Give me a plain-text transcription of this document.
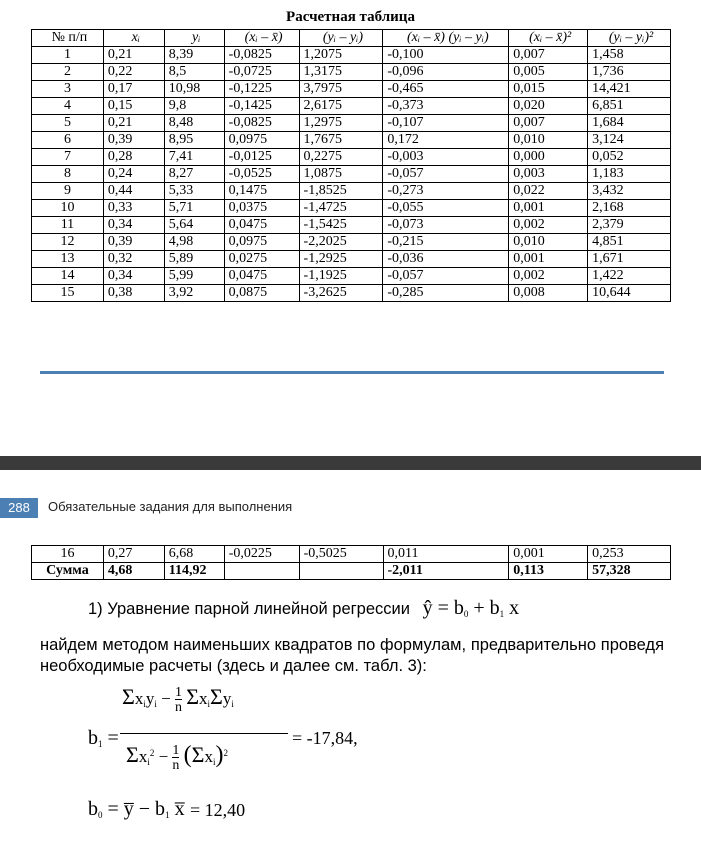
Расчетная таблица
№ п/п	xᵢ	yᵢ	(xᵢ – x̄)	(yᵢ – yᵢ)	(xᵢ – x̄) (yᵢ – yᵢ)	(xᵢ – x̄)²	(yᵢ – yᵢ)²
1	0,21	8,39	-0,0825	1,2075	-0,100	0,007	1,458
2	0,22	8,5	-0,0725	1,3175	-0,096	0,005	1,736
3	0,17	10,98	-0,1225	3,7975	-0,465	0,015	14,421
4	0,15	9,8	-0,1425	2,6175	-0,373	0,020	6,851
5	0,21	8,48	-0,0825	1,2975	-0,107	0,007	1,684
6	0,39	8,95	0,0975	1,7675	0,172	0,010	3,124
7	0,28	7,41	-0,0125	0,2275	-0,003	0,000	0,052
8	0,24	8,27	-0,0525	1,0875	-0,057	0,003	1,183
9	0,44	5,33	0,1475	-1,8525	-0,273	0,022	3,432
10	0,33	5,71	0,0375	-1,4725	-0,055	0,001	2,168
11	0,34	5,64	0,0475	-1,5425	-0,073	0,002	2,379
12	0,39	4,98	0,0975	-2,2025	-0,215	0,010	4,851
13	0,32	5,89	0,0275	-1,2925	-0,036	0,001	1,671
14	0,34	5,99	0,0475	-1,1925	-0,057	0,002	1,422
15	0,38	3,92	0,0875	-3,2625	-0,285	0,008	10,644
288	Обязательные задания для выполнения
16	0,27	6,68	-0,0225	-0,5025	0,011	0,001	0,253
Сумма	4,68	114,92			-2,011	0,113	57,328
1) Уравнение парной линейной регрессии ŷ = $b_0 + b_1$ x
найдем методом наименьших квадратов по формулам, предварительно проведя необходимые расчеты (здесь и далее см. табл. 3):
$b_1$ =
$\Sigma x_iy_i - 1$
n $\Sigma x_i\Sigma y_i$
$\Sigma x_i^2 - 1$
n $(\Sigma x_i)^2$
= -17,84,
$b_0$ = y̅ − $b_1$ x̅ = 12,40
